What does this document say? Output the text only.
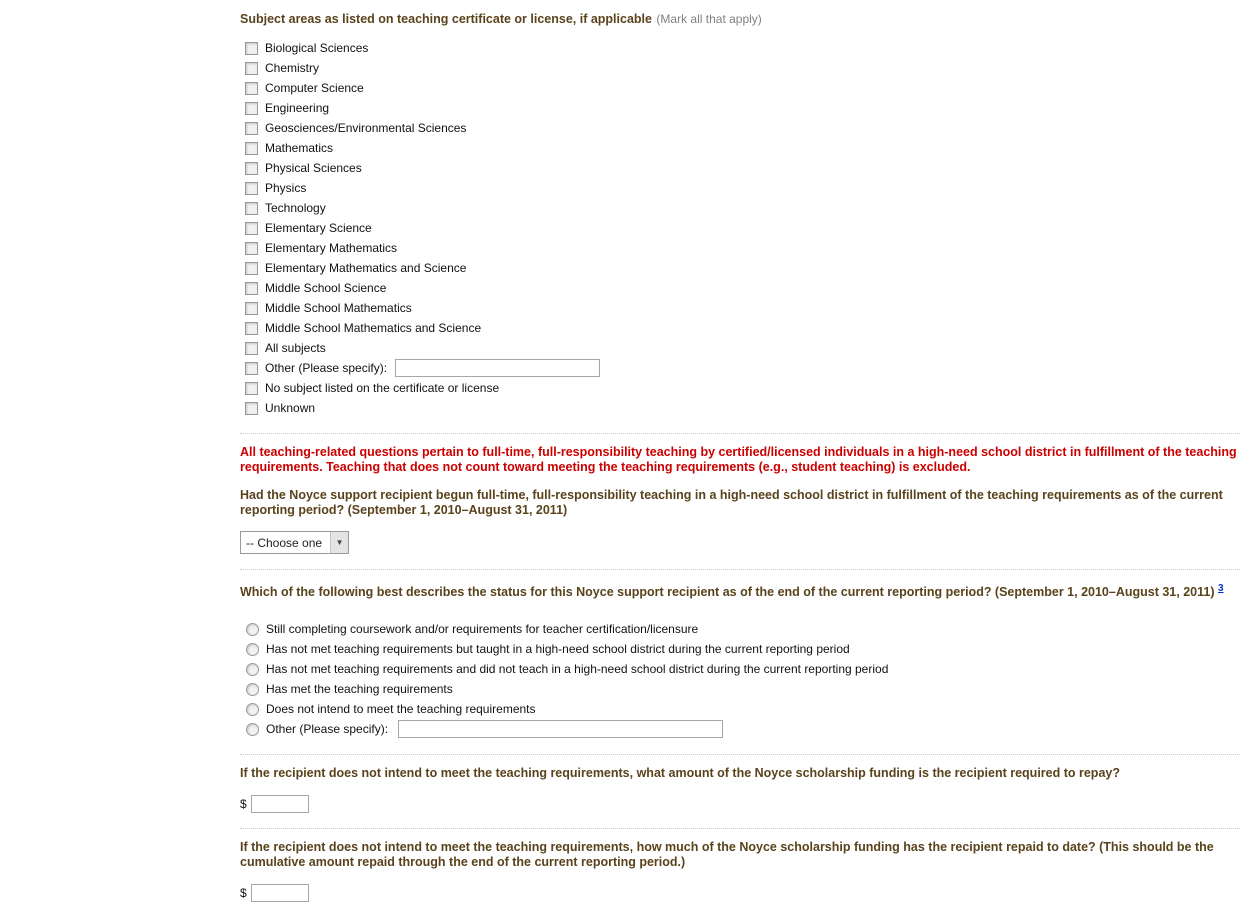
Subject areas as listed on teaching certificate or license, if applicable (Mark all that apply)
Biological Sciences
Chemistry
Computer Science
Engineering
Geosciences/Environmental Sciences
Mathematics
Physical Sciences
Physics
Technology
Elementary Science
Elementary Mathematics
Elementary Mathematics and Science
Middle School Science
Middle School Mathematics
Middle School Mathematics and Science
All subjects
Other (Please specify):
No subject listed on the certificate or license
Unknown

All teaching-related questions pertain to full-time, full-responsibility teaching by certified/licensed individuals in a high-need school district in fulfillment of the teaching requirements. Teaching that does not count toward meeting the teaching requirements (e.g., student teaching) is excluded.

Had the Noyce support recipient begun full-time, full-responsibility teaching in a high-need school district in fulfillment of the teaching requirements as of the current reporting period? (September 1, 2010–August 31, 2011)

-- Choose one	▼

Which of the following best describes the status for this Noyce support recipient as of the end of the current reporting period? (September 1, 2010–August 31, 2011) $^3$

Still completing coursework and/or requirements for teacher certification/licensure
Has not met teaching requirements but taught in a high-need school district during the current reporting period
Has not met teaching requirements and did not teach in a high-need school district during the current reporting period
Has met the teaching requirements
Does not intend to meet the teaching requirements
Other (Please specify):

If the recipient does not intend to meet the teaching requirements, what amount of the Noyce scholarship funding is the recipient required to repay?

$

If the recipient does not intend to meet the teaching requirements, how much of the Noyce scholarship funding has the recipient repaid to date? (This should be the cumulative amount repaid through the end of the current reporting period.)

$
